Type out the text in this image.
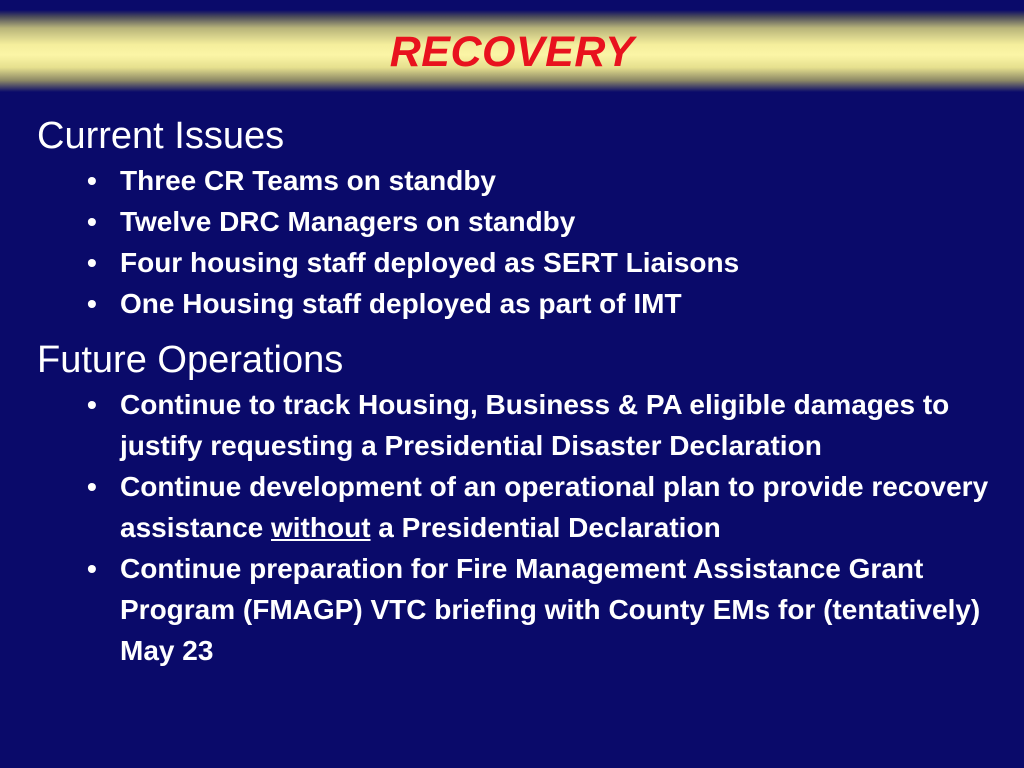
RECOVERY
Current Issues
• Three CR Teams on standby
• Twelve DRC Managers on standby
• Four housing staff deployed as SERT Liaisons
• One Housing staff deployed as part of IMT
Future Operations
• Continue to track Housing, Business & PA eligible damages to justify requesting a Presidential Disaster Declaration
• Continue development of an operational plan to provide recovery assistance without a Presidential Declaration
• Continue preparation for Fire Management Assistance Grant Program (FMAGP) VTC briefing with County EMs for (tentatively) May 23
